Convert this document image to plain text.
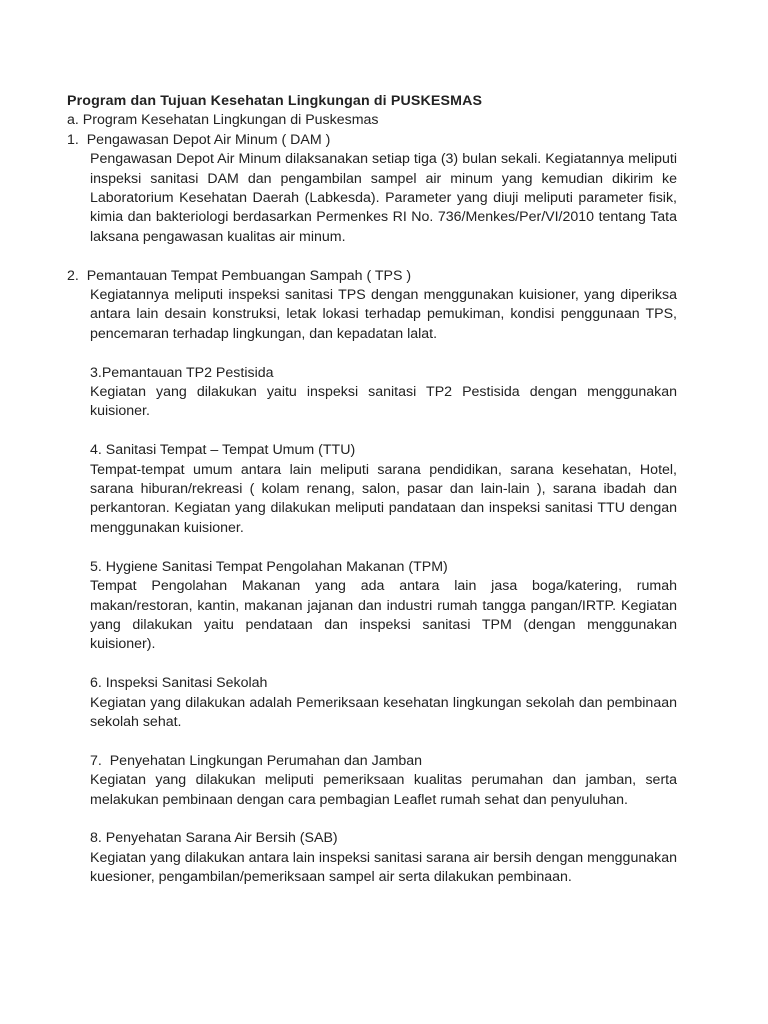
Program dan Tujuan Kesehatan Lingkungan di PUSKESMAS

a. Program Kesehatan Lingkungan di Puskesmas

1.  Pengawasan Depot Air Minum ( DAM )

Pengawasan Depot Air Minum dilaksanakan setiap tiga (3) bulan sekali. Kegiatannya meliputi inspeksi sanitasi DAM dan pengambilan sampel air minum yang kemudian dikirim ke Laboratorium Kesehatan Daerah (Labkesda). Parameter yang diuji meliputi parameter fisik, kimia dan bakteriologi berdasarkan Permenkes RI No. 736/Menkes/Per/VI/2010 tentang Tata laksana pengawasan kualitas air minum.

2.  Pemantauan Tempat Pembuangan Sampah ( TPS )

Kegiatannya meliputi inspeksi sanitasi TPS dengan menggunakan kuisioner, yang diperiksa antara lain desain konstruksi, letak lokasi terhadap pemukiman, kondisi penggunaan TPS, pencemaran terhadap lingkungan, dan kepadatan lalat.

3.Pemantauan TP2 Pestisida

Kegiatan yang dilakukan yaitu inspeksi sanitasi TP2 Pestisida dengan menggunakan kuisioner.

4. Sanitasi Tempat – Tempat Umum (TTU)

Tempat-tempat umum antara lain meliputi sarana pendidikan, sarana kesehatan, Hotel, sarana hiburan/rekreasi ( kolam renang, salon, pasar dan lain-lain ), sarana ibadah dan perkantoran. Kegiatan yang dilakukan meliputi pandataan dan inspeksi sanitasi TTU dengan menggunakan kuisioner.

5. Hygiene Sanitasi Tempat Pengolahan Makanan (TPM)

Tempat Pengolahan Makanan yang ada antara lain jasa boga/katering, rumah makan/restoran, kantin, makanan jajanan dan industri rumah tangga pangan/IRTP. Kegiatan yang dilakukan yaitu pendataan dan inspeksi sanitasi TPM (dengan menggunakan kuisioner).

6. Inspeksi Sanitasi Sekolah

Kegiatan yang dilakukan adalah Pemeriksaan kesehatan lingkungan sekolah dan pembinaan sekolah sehat.

7.  Penyehatan Lingkungan Perumahan dan Jamban

Kegiatan yang dilakukan meliputi pemeriksaan kualitas perumahan dan jamban, serta melakukan pembinaan dengan cara pembagian Leaflet rumah sehat dan penyuluhan.

8. Penyehatan Sarana Air Bersih (SAB)

Kegiatan yang dilakukan antara lain inspeksi sanitasi sarana air bersih dengan menggunakan kuesioner, pengambilan/pemeriksaan sampel air serta dilakukan pembinaan.
